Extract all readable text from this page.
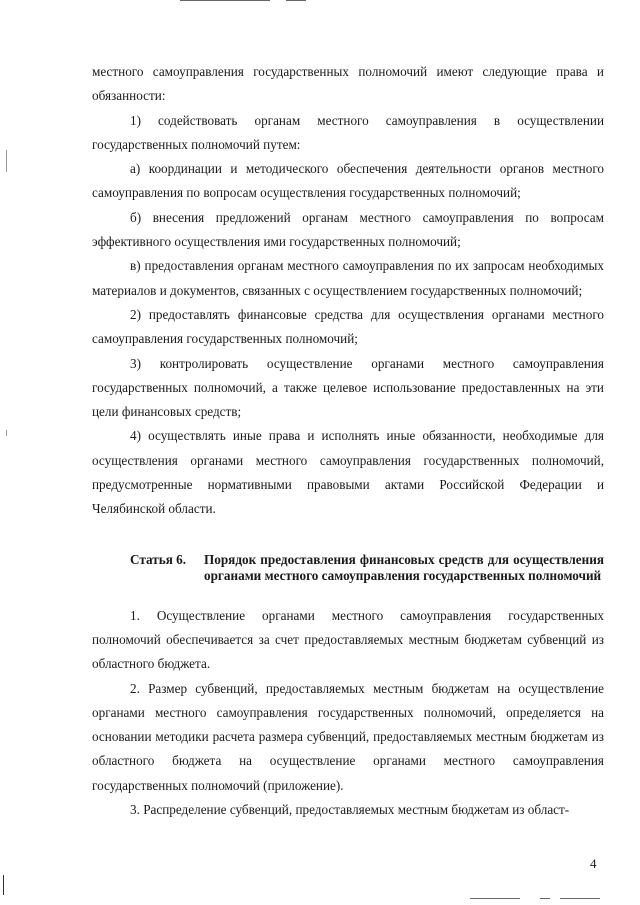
местного самоуправления государственных полномочий имеют следующие права и обязанности:

1) содействовать органам местного самоуправления в осуществлении государственных полномочий путем:

а) координации и методического обеспечения деятельности органов местного самоуправления по вопросам осуществления государственных полномочий;

б) внесения предложений органам местного самоуправления по вопросам эффективного осуществления ими государственных полномочий;

в) предоставления органам местного самоуправления по их запросам необходимых материалов и документов, связанных с осуществлением государственных полномочий;

2) предоставлять финансовые средства для осуществления органами местного самоуправления государственных полномочий;

3) контролировать осуществление органами местного самоуправления государственных полномочий, а также целевое использование предоставленных на эти цели финансовых средств;

4) осуществлять иные права и исполнять иные обязанности, необходимые для осуществления органами местного самоуправления государственных полномочий, предусмотренные нормативными правовыми актами Российской Федерации и Челябинской области.

Статья 6.	Порядок предоставления финансовых средств для осуществления органами местного самоуправления государственных полномочий

1. Осуществление органами местного самоуправления государственных полномочий обеспечивается за счет предоставляемых местным бюджетам субвенций из областного бюджета.

2. Размер субвенций, предоставляемых местным бюджетам на осуществление органами местного самоуправления государственных полномочий, определяется на основании методики расчета размера субвенций, предоставляемых местным бюджетам из областного бюджета на осуществление органами местного самоуправления государственных полномочий (приложение).

3. Распределение субвенций, предоставляемых местным бюджетам из област-

4
